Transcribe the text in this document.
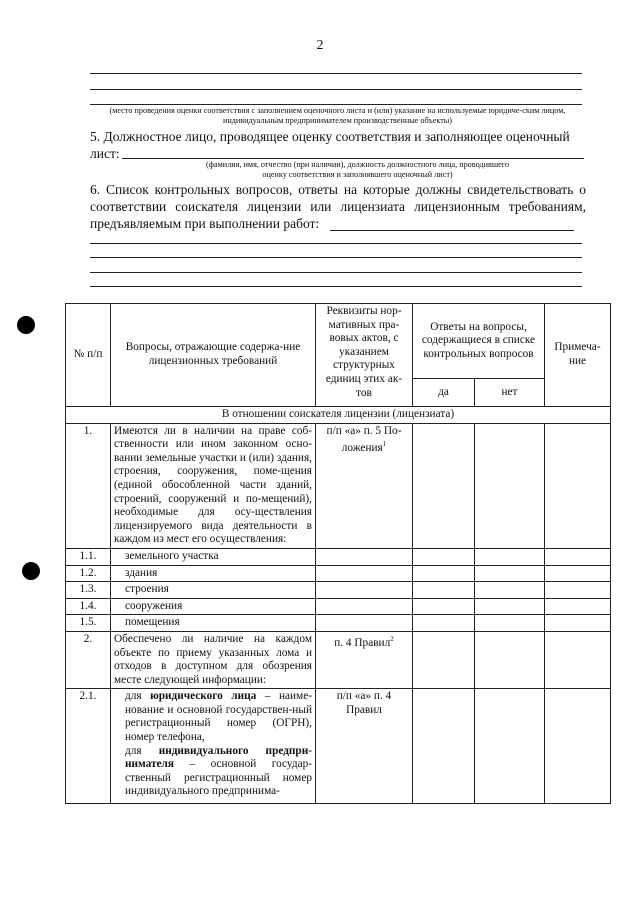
2
(место проведения оценки соответствия с заполнением оценочного листа и (или) указание на используемые юридиче-ским лицом, индивидуальным предпринимателем производственные объекты)
5. Должностное лицо, проводящее оценку соответствия и заполняющее оценочный
лист:
(фамилия, имя, отчество (при наличии), должность должностного лица, проводившего оценку соответствия и заполнявшего оценочный лист)
6. Список контрольных вопросов, ответы на которые должны свидетельствовать о соответствии соискателя лицензии или лицензиата лицензионным требованиям, предъявляемым при выполнении работ:
№ п/п	Вопросы, отражающие содержа-ние лицензионных требований	Реквизиты нор-мативных пра-вовых актов, с указанием структурных единиц этих ак-тов	Ответы на вопросы, содержащиеся в списке контрольных вопросов		Примеча-ние
			да	нет	
В отношении соискателя лицензии (лицензиата)					
1.	Имеются ли в наличии на праве соб-ственности или ином законном осно-вании земельные участки и (или) здания, строения, сооружения, поме-щения (единой обособленной части зданий, строений, сооружений и по-мещений), необходимые для осу-ществления лицензируемого вида деятельности в каждом из мест его осуществления:	п/п «а» п. 5 По-ложения$^1$			
1.1.	земельного участка				
1.2.	здания				
1.3.	строения				
1.4.	сооружения				
1.5.	помещения				
2.	Обеспечено ли наличие на каждом объекте по приему указанных лома и отходов в доступном для обозрения месте следующей информации:	п. 4 Правил$^2$			
2.1.	для юридического лица – наиме-нование и основной государствен-ный регистрационный номер (ОГРН), номер телефона,
для индивидуального предпри-нимателя – основной государ-ственный регистрационный номер индивидуального предпринима-	п/п «а» п. 4 Правил			
